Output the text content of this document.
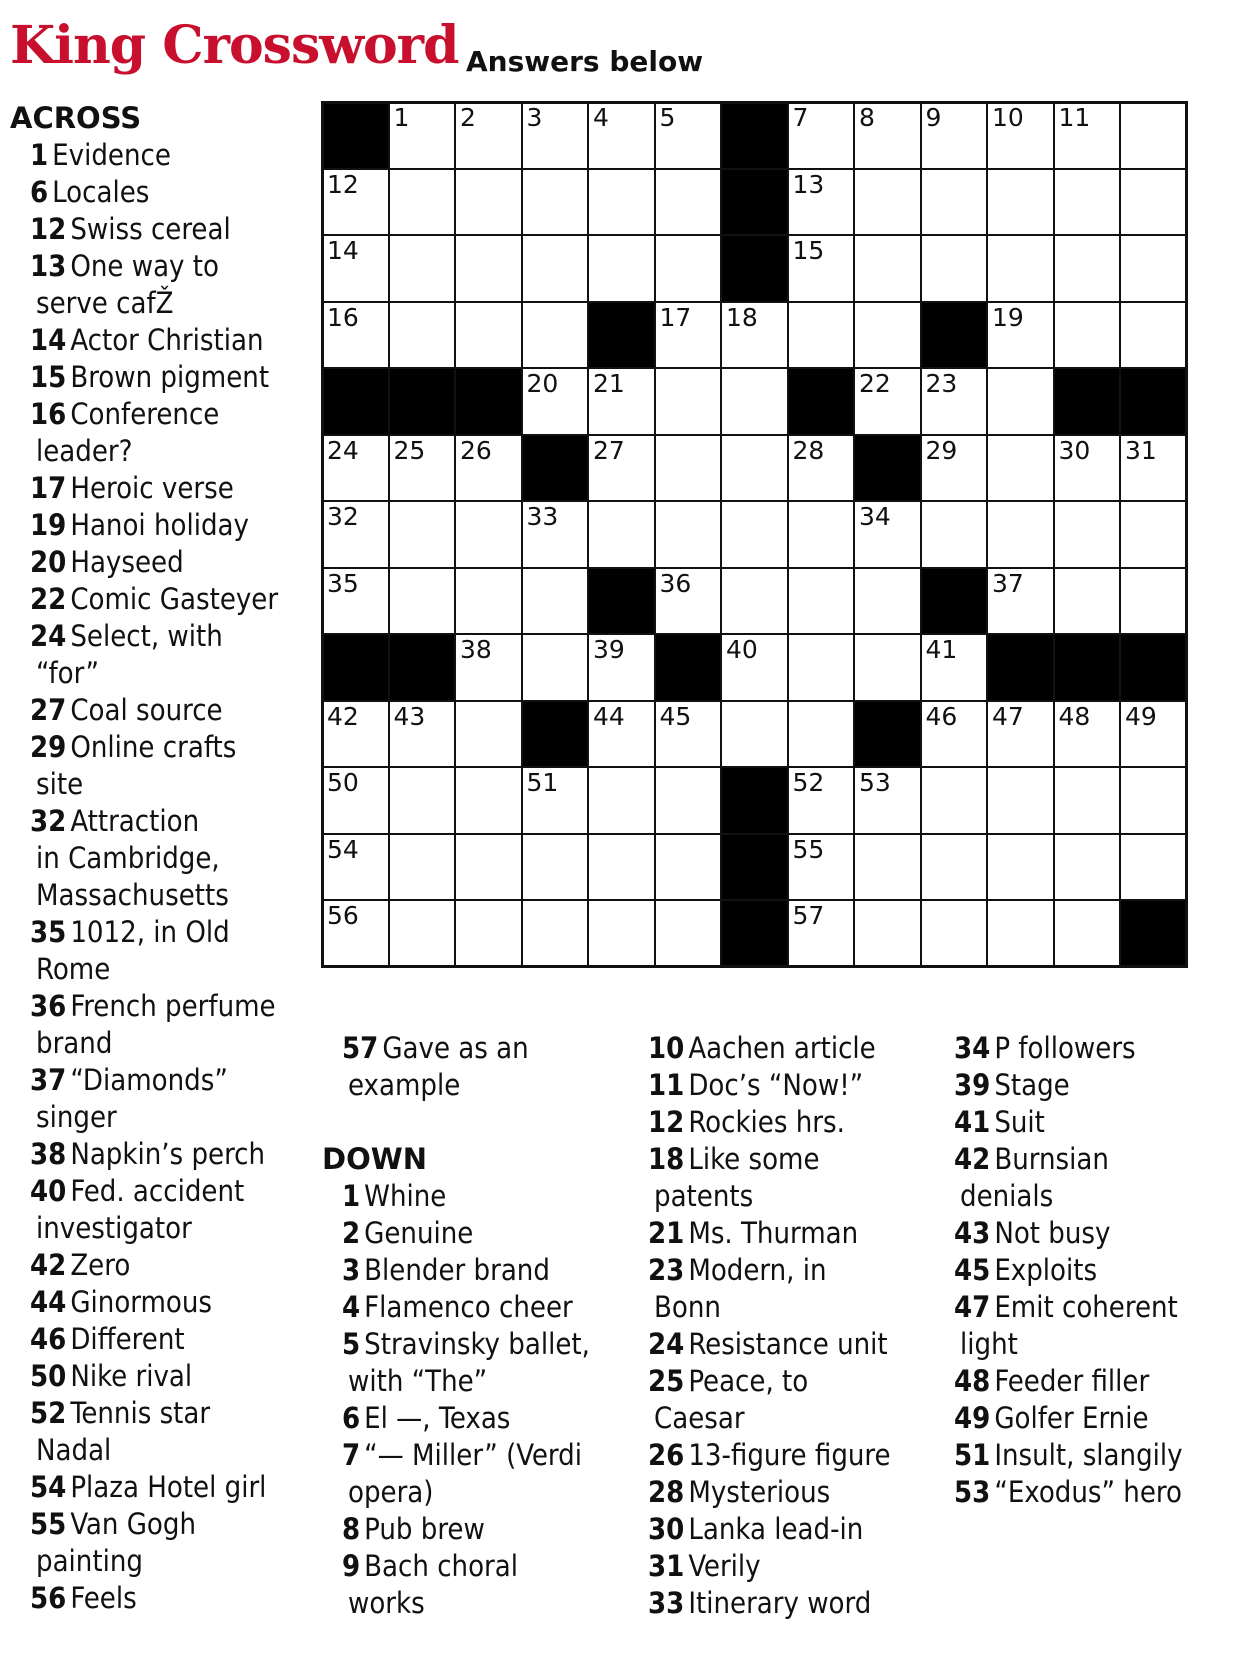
King Crossword Answers below
1 2 3 4 5	7 8 9 10 11
12	13
14	15
16	17 18	19
20 21	22 23
24 25 26	27	28	29	30 31
32	33	34
35	36	37
38	39	40	41
42 43	44 45	46 47 48 49
50	51	52 53
54	55
56	57
ACROSS
1 Evidence
6 Locales
12 Swiss cereal
13 One way to
serve cafŽ
14 Actor Christian
15 Brown pigment
16 Conference
leader?
17 Heroic verse
19 Hanoi holiday
20 Hayseed
22 Comic Gasteyer
24 Select, with
“for”
27 Coal source
29 Online crafts
site
32 Attraction
in Cambridge,
Massachusetts
35 1012, in Old
Rome
36 French perfume
brand
37 “Diamonds”
singer
38 Napkin’s perch
40 Fed. accident
investigator
42 Zero
44 Ginormous
46 Different
50 Nike rival
52 Tennis star
Nadal
54 Plaza Hotel girl
55 Van Gogh
painting
56 Feels
57 Gave as an
example
DOWN
1 Whine
2 Genuine
3 Blender brand
4 Flamenco cheer
5 Stravinsky ballet,
with “The”
6 El —, Texas
7 “— Miller” (Verdi
opera)
8 Pub brew
9 Bach choral
works
10 Aachen article
11 Doc’s “Now!”
12 Rockies hrs.
18 Like some
patents
21 Ms. Thurman
23 Modern, in
Bonn
24 Resistance unit
25 Peace, to
Caesar
26 13-figure figure
28 Mysterious
30 Lanka lead-in
31 Verily
33 Itinerary word
34 P followers
39 Stage
41 Suit
42 Burnsian
denials
43 Not busy
45 Exploits
47 Emit coherent
light
48 Feeder filler
49 Golfer Ernie
51 Insult, slangily
53 “Exodus” hero
